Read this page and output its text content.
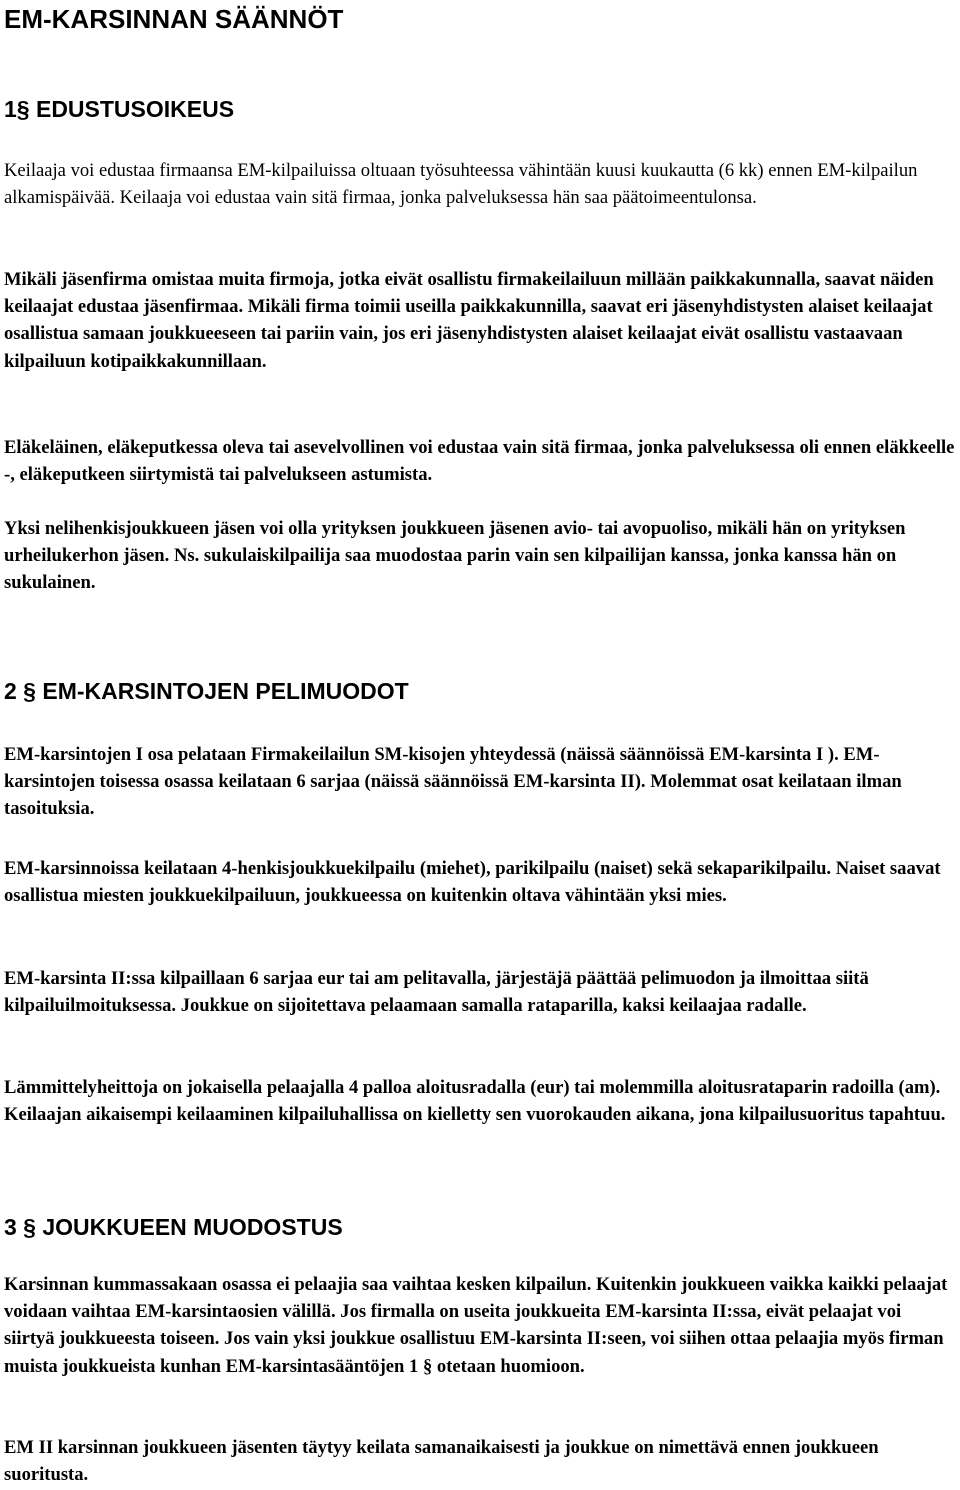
EM-KARSINNAN SÄÄNNÖT
1§ EDUSTUSOIKEUS

Keilaaja voi edustaa firmaansa EM-kilpailuissa oltuaan työsuhteessa vähintään kuusi kuukautta (6 kk) ennen EM-kilpailun alkamispäivää. Keilaaja voi edustaa vain sitä firmaa, jonka palveluksessa hän saa päätoimeentulonsa.

Mikäli jäsenfirma omistaa muita firmoja, jotka eivät osallistu firmakeilailuun millään paikkakunnalla, saavat näiden keilaajat edustaa jäsenfirmaa. Mikäli firma toimii useilla paikkakunnilla, saavat eri jäsenyhdistysten alaiset keilaajat osallistua samaan joukkueeseen tai pariin vain, jos eri jäsenyhdistysten alaiset keilaajat eivät osallistu vastaavaan kilpailuun kotipaikkakunnillaan.

Eläkeläinen, eläkeputkessa oleva tai asevelvollinen voi edustaa vain sitä firmaa, jonka palveluksessa oli ennen eläkkeelle -, eläkeputkeen siirtymistä tai palvelukseen astumista.

Yksi nelihenkisjoukkueen jäsen voi olla yrityksen joukkueen jäsenen avio- tai avopuoliso, mikäli hän on yrityksen urheilukerhon jäsen. Ns. sukulaiskilpailija saa muodostaa parin vain sen kilpailijan kanssa, jonka kanssa hän on sukulainen.

2 § EM-KARSINTOJEN PELIMUODOT

EM-karsintojen I osa pelataan Firmakeilailun SM-kisojen yhteydessä (näissä säännöissä EM-karsinta I ). EM-karsintojen toisessa osassa keilataan 6 sarjaa (näissä säännöissä EM-karsinta II). Molemmat osat keilataan ilman tasoituksia.

EM-karsinnoissa keilataan 4-henkisjoukkuekilpailu (miehet), parikilpailu (naiset) sekä sekaparikilpailu. Naiset saavat osallistua miesten joukkuekilpailuun, joukkueessa on kuitenkin oltava vähintään yksi mies.

EM-karsinta II:ssa kilpaillaan 6 sarjaa eur tai am pelitavalla, järjestäjä päättää pelimuodon ja ilmoittaa siitä kilpailuilmoituksessa. Joukkue on sijoitettava pelaamaan samalla rataparilla, kaksi keilaajaa radalle.

Lämmittelyheittoja on jokaisella pelaajalla 4 palloa aloitusradalla (eur) tai molemmilla aloitusrataparin radoilla (am). Keilaajan aikaisempi keilaaminen kilpailuhallissa on kielletty sen vuorokauden aikana, jona kilpailusuoritus tapahtuu.

3 § JOUKKUEEN MUODOSTUS

Karsinnan kummassakaan osassa ei pelaajia saa vaihtaa kesken kilpailun. Kuitenkin joukkueen vaikka kaikki pelaajat voidaan vaihtaa EM-karsintaosien välillä. Jos firmalla on useita joukkueita EM-karsinta II:ssa, eivät pelaajat voi siirtyä joukkueesta toiseen. Jos vain yksi joukkue osallistuu EM-karsinta II:seen, voi siihen ottaa pelaajia myös firman muista joukkueista kunhan EM-karsintasääntöjen 1 § otetaan huomioon.

EM II karsinnan joukkueen jäsenten täytyy keilata samanaikaisesti ja joukkue on nimettävä ennen joukkueen suoritusta.
